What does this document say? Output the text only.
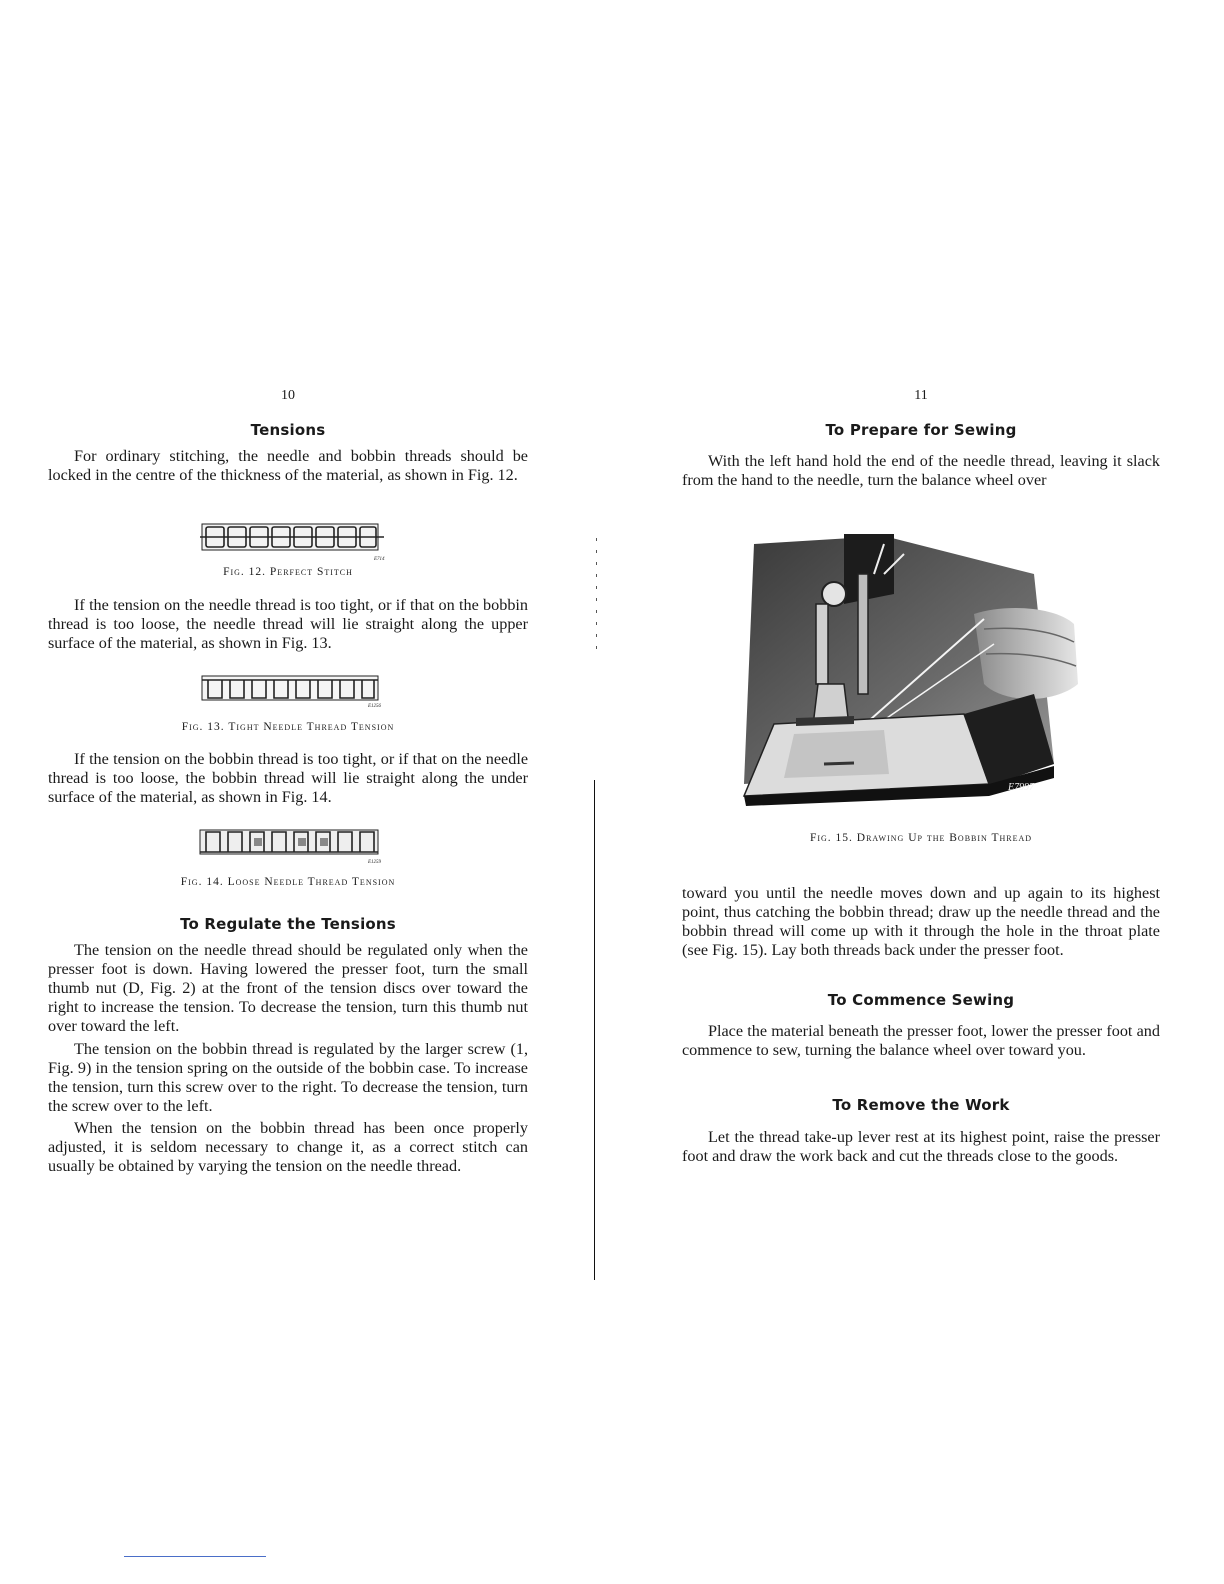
10
Tensions

For ordinary stitching, the needle and bobbin threads should be locked in the centre of the thickness of the material, as shown in Fig. 12.

E714
Fig. 12. Perfect Stitch

If the tension on the needle thread is too tight, or if that on the bobbin thread is too loose, the needle thread will lie straight along the upper surface of the material, as shown in Fig. 13.

E1256
Fig. 13. Tight Needle Thread Tension

If the tension on the bobbin thread is too tight, or if that on the needle thread is too loose, the bobbin thread will lie straight along the under surface of the material, as shown in Fig. 14.

E1259
Fig. 14. Loose Needle Thread Tension
To Regulate the Tensions

The tension on the needle thread should be regulated only when the presser foot is down. Having lowered the presser foot, turn the small thumb nut (D, Fig. 2) at the front of the tension discs over toward the right to increase the tension. To decrease the tension, turn this thumb nut over toward the left.

The tension on the bobbin thread is regulated by the larger screw (1, Fig. 9) in the tension spring on the outside of the bobbin case. To increase the tension, turn this screw over to the right. To decrease the tension, turn the screw over to the left.

When the tension on the bobbin thread has been once properly adjusted, it is seldom necessary to change it, as a correct stitch can usually be obtained by varying the tension on the needle thread.

11
To Prepare for Sewing

With the left hand hold the end of the needle thread, leaving it slack from the hand to the needle, turn the balance wheel over

E7997
Fig. 15. Drawing Up the Bobbin Thread

toward you until the needle moves down and up again to its highest point, thus catching the bobbin thread; draw up the needle thread and the bobbin thread will come up with it through the hole in the throat plate (see Fig. 15). Lay both threads back under the presser foot.

To Commence Sewing

Place the material beneath the presser foot, lower the presser foot and commence to sew, turning the balance wheel over toward you.

To Remove the Work

Let the thread take-up lever rest at its highest point, raise the presser foot and draw the work back and cut the threads close to the goods.
